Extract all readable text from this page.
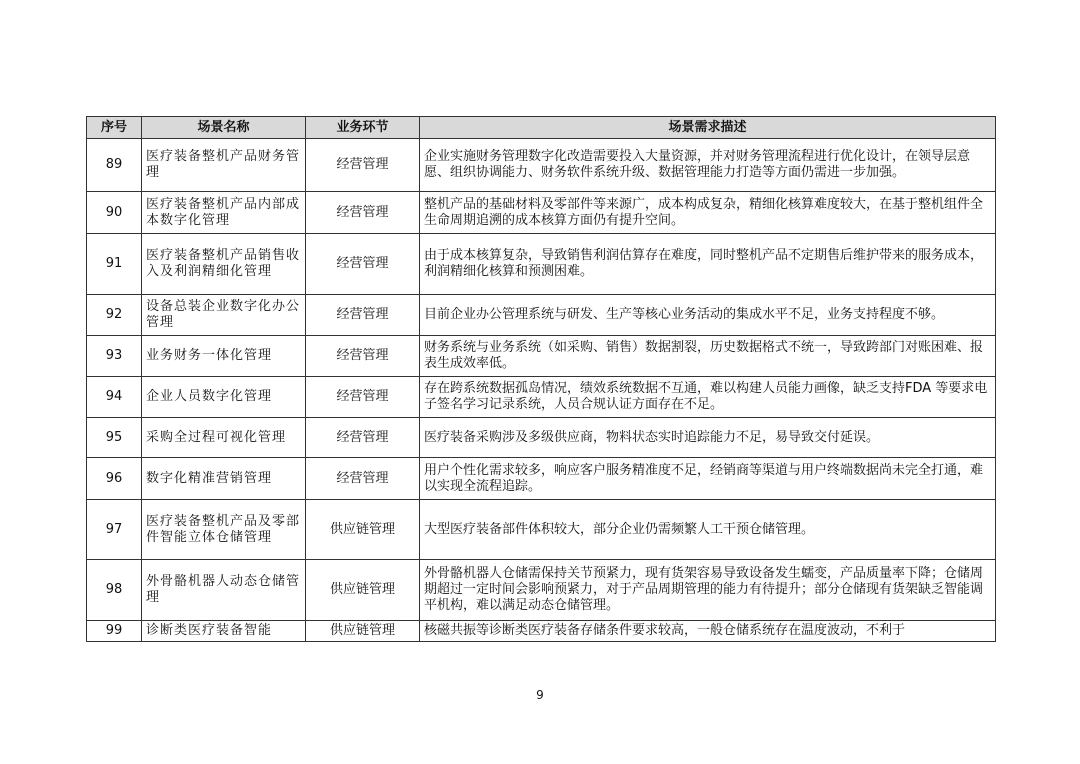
序号	场景名称	业务环节	场景需求描述
89	医疗装备整机产品财务管理	经营管理	企业实施财务管理数字化改造需要投入大量资源，并对财务管理流程进行优化设计，在领导层意愿、组织协调能力、财务软件系统升级、数据管理能力打造等方面仍需进一步加强。
90	医疗装备整机产品内部成本数字化管理	经营管理	整机产品的基础材料及零部件等来源广，成本构成复杂，精细化核算难度较大，在基于整机组件全生命周期追溯的成本核算方面仍有提升空间。
91	医疗装备整机产品销售收入及利润精细化管理	经营管理	由于成本核算复杂，导致销售利润估算存在难度，同时整机产品不定期售后维护带来的服务成本，利润精细化核算和预测困难。
92	设备总装企业数字化办公管理	经营管理	目前企业办公管理系统与研发、生产等核心业务活动的集成水平不足，业务支持程度不够。
93	业务财务一体化管理	经营管理	财务系统与业务系统（如采购、销售）数据割裂，历史数据格式不统一，导致跨部门对账困难、报表生成效率低。
94	企业人员数字化管理	经营管理	存在跨系统数据孤岛情况，绩效系统数据不互通，难以构建人员能力画像，缺乏支持FDA 等要求电子签名学习记录系统，人员合规认证方面存在不足。
95	采购全过程可视化管理	经营管理	医疗装备采购涉及多级供应商，物料状态实时追踪能力不足，易导致交付延误。
96	数字化精准营销管理	经营管理	用户个性化需求较多，响应客户服务精准度不足，经销商等渠道与用户终端数据尚未完全打通，难以实现全流程追踪。
97	医疗装备整机产品及零部件智能立体仓储管理	供应链管理	大型医疗装备部件体积较大，部分企业仍需频繁人工干预仓储管理。
98	外骨骼机器人动态仓储管理	供应链管理	外骨骼机器人仓储需保持关节预紧力，现有货架容易导致设备发生蠕变，产品质量率下降；仓储周期超过一定时间会影响预紧力，对于产品周期管理的能力有待提升；部分仓储现有货架缺乏智能调平机构，难以满足动态仓储管理。
99	诊断类医疗装备智能	供应链管理	核磁共振等诊断类医疗装备存储条件要求较高，一般仓储系统存在温度波动，不利于
9
